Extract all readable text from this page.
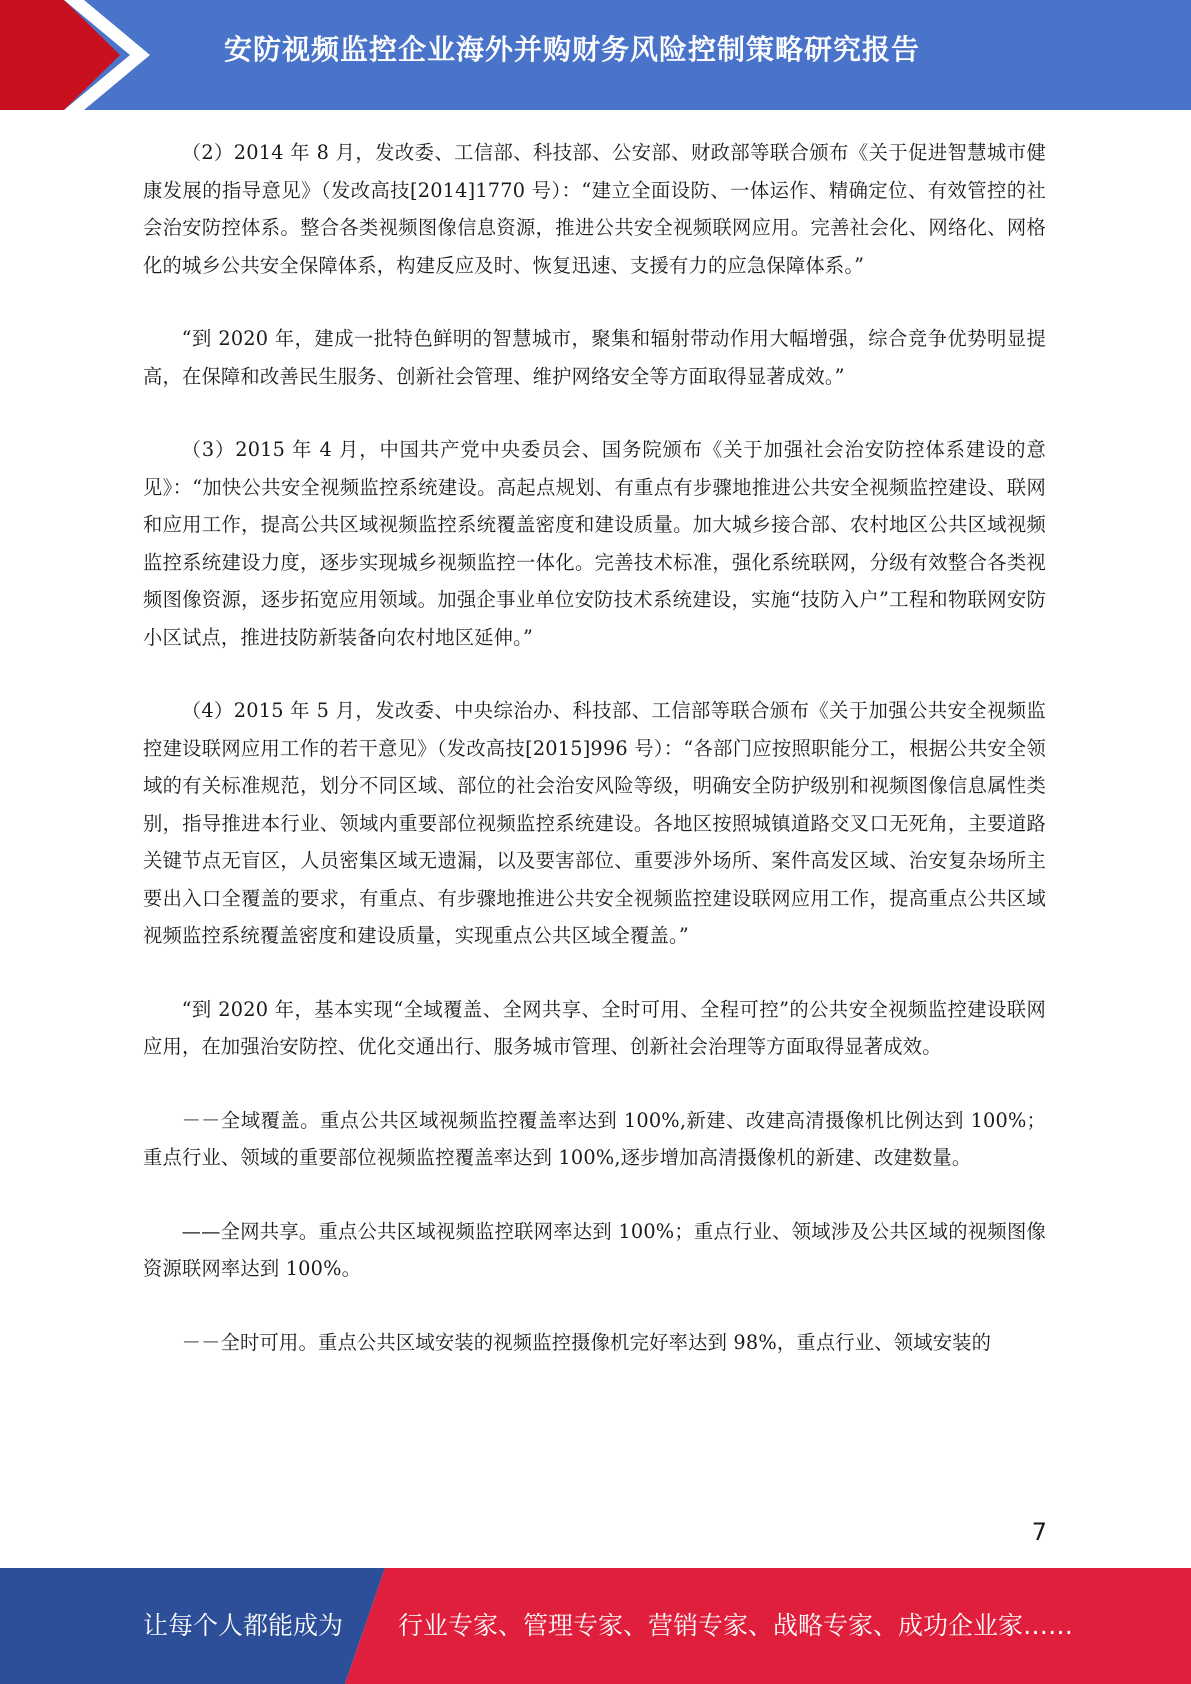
安防视频监控企业海外并购财务风险控制策略研究报告

（2）2014 年 8 月，发改委、工信部、科技部、公安部、财政部等联合颁布《关于促进智慧城市健康发展的指导意见》（发改高技[2014]1770 号）：“建立全面设防、一体运作、精确定位、有效管控的社会治安防控体系。整合各类视频图像信息资源，推进公共安全视频联网应用。完善社会化、网络化、网格化的城乡公共安全保障体系，构建反应及时、恢复迅速、支援有力的应急保障体系。”

“到 2020 年，建成一批特色鲜明的智慧城市，聚集和辐射带动作用大幅增强，综合竞争优势明显提高，在保障和改善民生服务、创新社会管理、维护网络安全等方面取得显著成效。”

（3）2015 年 4 月，中国共产党中央委员会、国务院颁布《关于加强社会治安防控体系建设的意见》：“加快公共安全视频监控系统建设。高起点规划、有重点有步骤地推进公共安全视频监控建设、联网和应用工作，提高公共区域视频监控系统覆盖密度和建设质量。加大城乡接合部、农村地区公共区域视频监控系统建设力度，逐步实现城乡视频监控一体化。完善技术标准，强化系统联网，分级有效整合各类视频图像资源，逐步拓宽应用领域。加强企事业单位安防技术系统建设，实施“技防入户”工程和物联网安防小区试点，推进技防新装备向农村地区延伸。”

（4）2015 年 5 月，发改委、中央综治办、科技部、工信部等联合颁布《关于加强公共安全视频监控建设联网应用工作的若干意见》（发改高技[2015]996 号）：“各部门应按照职能分工，根据公共安全领域的有关标准规范，划分不同区域、部位的社会治安风险等级，明确安全防护级别和视频图像信息属性类别，指导推进本行业、领域内重要部位视频监控系统建设。各地区按照城镇道路交叉口无死角，主要道路关键节点无盲区，人员密集区域无遗漏，以及要害部位、重要涉外场所、案件高发区域、治安复杂场所主要出入口全覆盖的要求，有重点、有步骤地推进公共安全视频监控建设联网应用工作，提高重点公共区域视频监控系统覆盖密度和建设质量，实现重点公共区域全覆盖。”

“到 2020 年，基本实现“全域覆盖、全网共享、全时可用、全程可控”的公共安全视频监控建设联网应用，在加强治安防控、优化交通出行、服务城市管理、创新社会治理等方面取得显著成效。

－－全域覆盖。重点公共区域视频监控覆盖率达到 100%,新建、改建高清摄像机比例达到 100%；重点行业、领域的重要部位视频监控覆盖率达到 100%,逐步增加高清摄像机的新建、改建数量。

——全网共享。重点公共区域视频监控联网率达到 100%；重点行业、领域涉及公共区域的视频图像资源联网率达到 100%。

－－全时可用。重点公共区域安装的视频监控摄像机完好率达到 98%，重点行业、领域安装的

7
让每个人都能成为 行业专家、管理专家、营销专家、战略专家、成功企业家……
